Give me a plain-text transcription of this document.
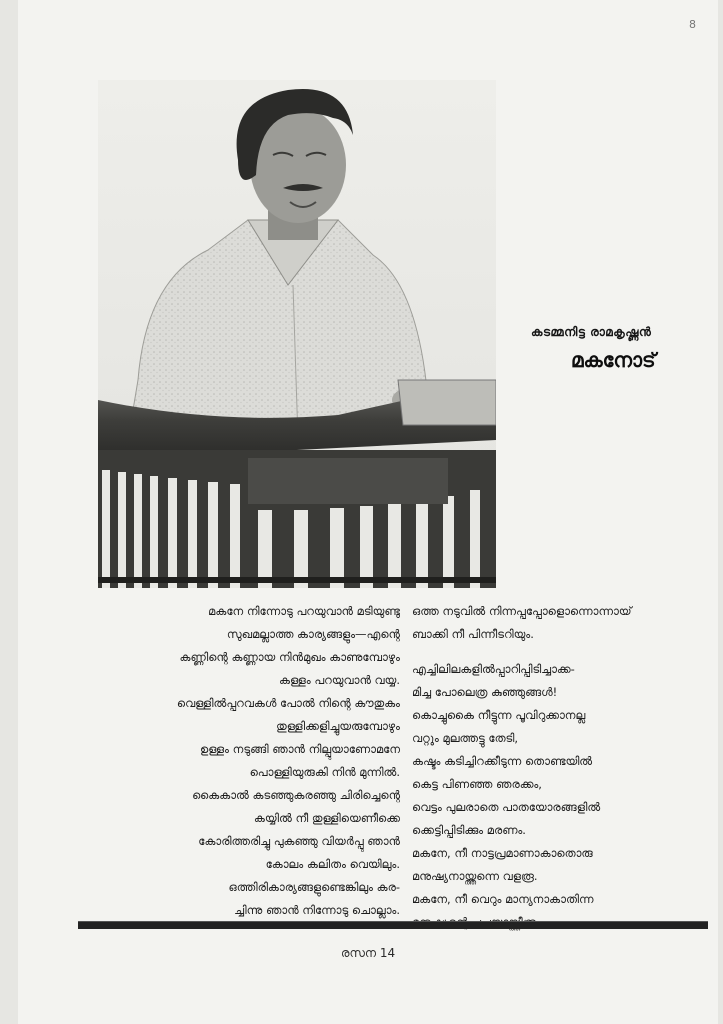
8
കടമ്മനിട്ട രാമകൃഷ്ണൻ
മകനോട്
മകനേ നിന്നോടു പറയുവാൻ മടിയുണ്ടു
സുഖമല്ലാത്ത കാര്യങ്ങളും—എന്റെ
കണ്ണിന്റെ കണ്ണായ നിൻമുഖം കാണുമ്പോഴും
കള്ളം പറയുവാൻ വയ്യ.
വെള്ളിൽപ്പറവകൾ പോൽ നിന്റെ കൗതുകം
തുള്ളിക്കളിച്ചുയരുമ്പോഴും
ഉള്ളം നടുങ്ങി ഞാൻ നില്പുയാണോമനേ
പൊള്ളിയുരുകി നിൻ മുന്നിൽ.
കൈകാൽ കടഞ്ഞുകരഞ്ഞു ചിരിച്ചെന്റെ
കയ്യിൽ നീ തുള്ളിയെണീക്കെ
കോരിത്തരിച്ചു പുകഞ്ഞു വിയർപ്പു ഞാൻ
കോലം കലിതം വെയിലും.
ഒത്തിരികാര്യങ്ങളുണ്ടെങ്കിലും കര-
ച്ചിന്നു ഞാൻ നിന്നോടു ചൊല്ലാം.
ഒത്ത നടുവിൽ നിന്നപ്പപ്പോളൊന്നൊന്നായ്
ബാക്കി നീ പിന്നീടറിയും.
എച്ചിലിലകളിൽപ്പാറിപ്പിടിച്ചാക്ക-
മിച്ച പോലെത്ര കുഞ്ഞുങ്ങൾ!
കൊച്ചുകൈ നീട്ടുന്ന പൂവിറുക്കാനല്ല
വറ്റും മുലത്തട്ടു തേടി,
കഷ്ടം കടിച്ചിറക്കീടുന്ന തൊണ്ടയിൽ
കെട്ട പിണഞ്ഞ ഞരക്കം,
വെട്ടം പുലരാതെ പാതയോരങ്ങളിൽ
ക്കെട്ടിപ്പിടിക്കും മരണം.
മകനേ, നീ നാട്ടപ്രമാണാകാതൊരു
മനുഷ്യനായ്ത്തന്നെ വളരൂ.
മകനേ, നീ വെറും മാന്യനാകാതിന്ന
രസന 14
